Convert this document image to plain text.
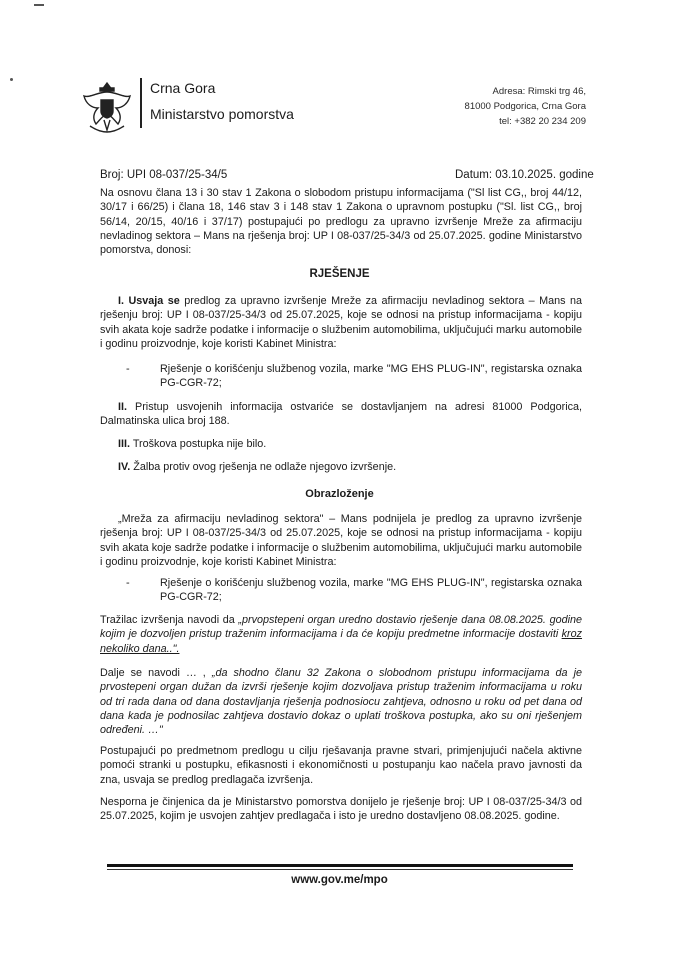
Crna Gora
Ministarstvo pomorstva
Adresa: Rimski trg 46,
81000 Podgorica, Crna Gora
tel: +382 20 234 209
Broj: UPI 08-037/25-34/5	Datum: 03.10.2025. godine
Na osnovu člana 13 i 30 stav 1 Zakona o slobodom pristupu informacijama ("Sl list CG,, broj 44/12, 30/17 i 66/25) i člana 18, 146 stav 3 i 148 stav 1 Zakona o upravnom postupku ("Sl. list CG,, broj 56/14, 20/15, 40/16 i 37/17) postupajući po predlogu za upravno izvršenje Mreže za afirmaciju nevladinog sektora – Mans na rješenja broj: UP I 08-037/25-34/3 od 25.07.2025. godine Ministarstvo pomorstva, donosi:
RJEŠENJE
I. Usvaja se predlog za upravno izvršenje Mreže za afirmaciju nevladinog sektora – Mans na rješenju broj: UP I 08-037/25-34/3 od 25.07.2025, koje se odnosi na pristup informacijama - kopiju svih akata koje sadrže podatke i informacije o službenim automobilima, uključujući marku automobile i godinu proizvodnje, koje koristi Kabinet Ministra:
-	Rješenje o korišćenju službenog vozila, marke "MG EHS PLUG-IN", registarska oznaka PG-CGR-72;
II. Pristup usvojenih informacija ostvariće se dostavljanjem na adresi 81000 Podgorica, Dalmatinska ulica broj 188.
III. Troškova postupka nije bilo.
IV. Žalba protiv ovog rješenja ne odlaže njegovo izvršenje.
Obrazloženje
„Mreža za afirmaciju nevladinog sektora" – Mans podnijela je predlog za upravno izvršenje rješenja broj: UP I 08-037/25-34/3 od 25.07.2025, koje se odnosi na pristup informacijama - kopiju svih akata koje sadrže podatke i informacije o službenim automobilima, uključujući marku automobile i godinu proizvodnje, koje koristi Kabinet Ministra:
-	Rješenje o korišćenju službenog vozila, marke "MG EHS PLUG-IN", registarska oznaka PG-CGR-72;
Tražilac izvršenja navodi da „prvopstepeni organ uredno dostavio rješenje dana 08.08.2025. godine kojim je dozvoljen pristup traženim informacijama i da će kopiju predmetne informacije dostaviti kroz nekoliko dana..".
Dalje se navodi … , „da shodno članu 32 Zakona o slobodnom pristupu informacijama da je prvostepeni organ dužan da izvrši rješenje kojim dozvoljava pristup traženim informacijama u roku od tri rada dana od dana dostavljanja rješenja podnosiocu zahtjeva, odnosno u roku od pet dana od dana kada je podnosilac zahtjeva dostavio dokaz o uplati troškova postupka, ako su oni rješenjem određeni. …"
Postupajući po predmetnom predlogu u cilju rješavanja pravne stvari, primjenjujući načela aktivne pomoći stranki u postupku, efikasnosti i ekonomičnosti u postupanju kao načela pravo javnosti da zna, usvaja se predlog predlagača izvršenja.
Nesporna je činjenica da je Ministarstvo pomorstva donijelo je rješenje broj: UP I 08-037/25-34/3 od 25.07.2025, kojim je usvojen zahtjev predlagača i isto je uredno dostavljeno 08.08.2025. godine.
www.gov.me/mpo
